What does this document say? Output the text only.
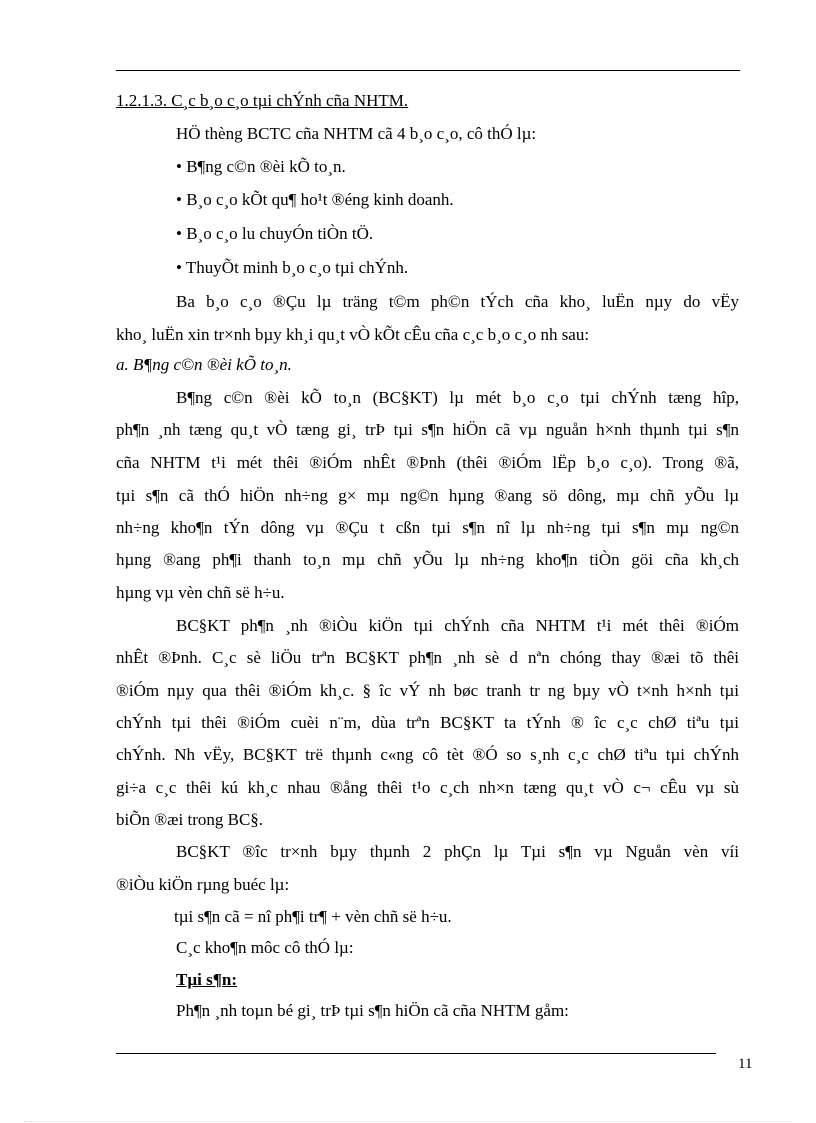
1.2.1.3. C¸c b¸o c¸o tµi chÝnh cña NHTM.
HÖ thèng BCTC cña NHTM cã 4 b¸o c¸o, cô thÓ lµ:
• B¶ng c©n ®èi kÕ to¸n.
• B¸o c¸o kÕt qu¶ ho¹t ®éng kinh doanh.
• B¸o c¸o lu chuyÓn tiÒn tÖ.
• ThuyÕt minh b¸o c¸o tµi chÝnh.
Ba b¸o c¸o ®Çu lµ träng t©m ph©n tÝch cña kho¸ luËn nµy do vËy
kho¸ luËn xin tr×nh bµy kh¸i qu¸t vÒ kÕt cÊu cña c¸c b¸o c¸o nh sau:
a. B¶ng c©n ®èi kÕ to¸n.
B¶ng c©n ®èi kÕ to¸n (BC§KT) lµ mét b¸o c¸o tµi chÝnh tæng hîp,
ph¶n ¸nh tæng qu¸t vÒ tæng gi¸ trÞ tµi s¶n hiÖn cã vµ nguån h×nh thµnh tµi s¶n
cña NHTM t¹i mét thêi ®iÓm nhÊt ®Þnh (thêi ®iÓm lËp b¸o c¸o). Trong ®ã,
tµi s¶n cã thÓ hiÖn nh÷ng g× mµ ng©n hµng ®ang sö dông, mµ chñ yÕu lµ
nh÷ng kho¶n tÝn dông vµ ®Çu t cßn tµi s¶n nî lµ nh÷ng tµi s¶n mµ ng©n
hµng ®ang ph¶i thanh to¸n mµ chñ yÕu lµ nh÷ng kho¶n tiÒn göi cña kh¸ch
hµng vµ vèn chñ së h÷u.
BC§KT ph¶n ¸nh ®iÒu kiÖn tµi chÝnh cña NHTM t¹i mét thêi ®iÓm
nhÊt ®Þnh. C¸c sè liÖu trªn BC§KT ph¶n ¸nh sè d nªn chóng thay ®æi tõ thêi
®iÓm nµy qua thêi ®iÓm kh¸c. § îc vÝ nh bøc tranh tr ng bµy vÒ t×nh h×nh tµi
chÝnh tµi thêi ®iÓm cuèi n¨m, dùa trªn BC§KT ta tÝnh ® îc c¸c chØ tiªu tµi
chÝnh. Nh vËy, BC§KT trë thµnh c«ng cô tèt ®Ó so s¸nh c¸c chØ tiªu tµi chÝnh
gi÷a c¸c thêi kú kh¸c nhau ®ång thêi t¹o c¸ch nh×n tæng qu¸t vÒ c¬ cÊu vµ sù
biÕn ®æi trong BC§.
BC§KT ®îc tr×nh bµy thµnh 2 phÇn lµ Tµi s¶n vµ Nguån vèn víi
®iÒu kiÖn rµng buéc lµ:
tµi s¶n cã = nî ph¶i tr¶ + vèn chñ së h÷u.
C¸c kho¶n môc cô thÓ lµ:
Tµi s¶n:
Ph¶n ¸nh toµn bé gi¸ trÞ tµi s¶n hiÖn cã cña NHTM gåm:
11
